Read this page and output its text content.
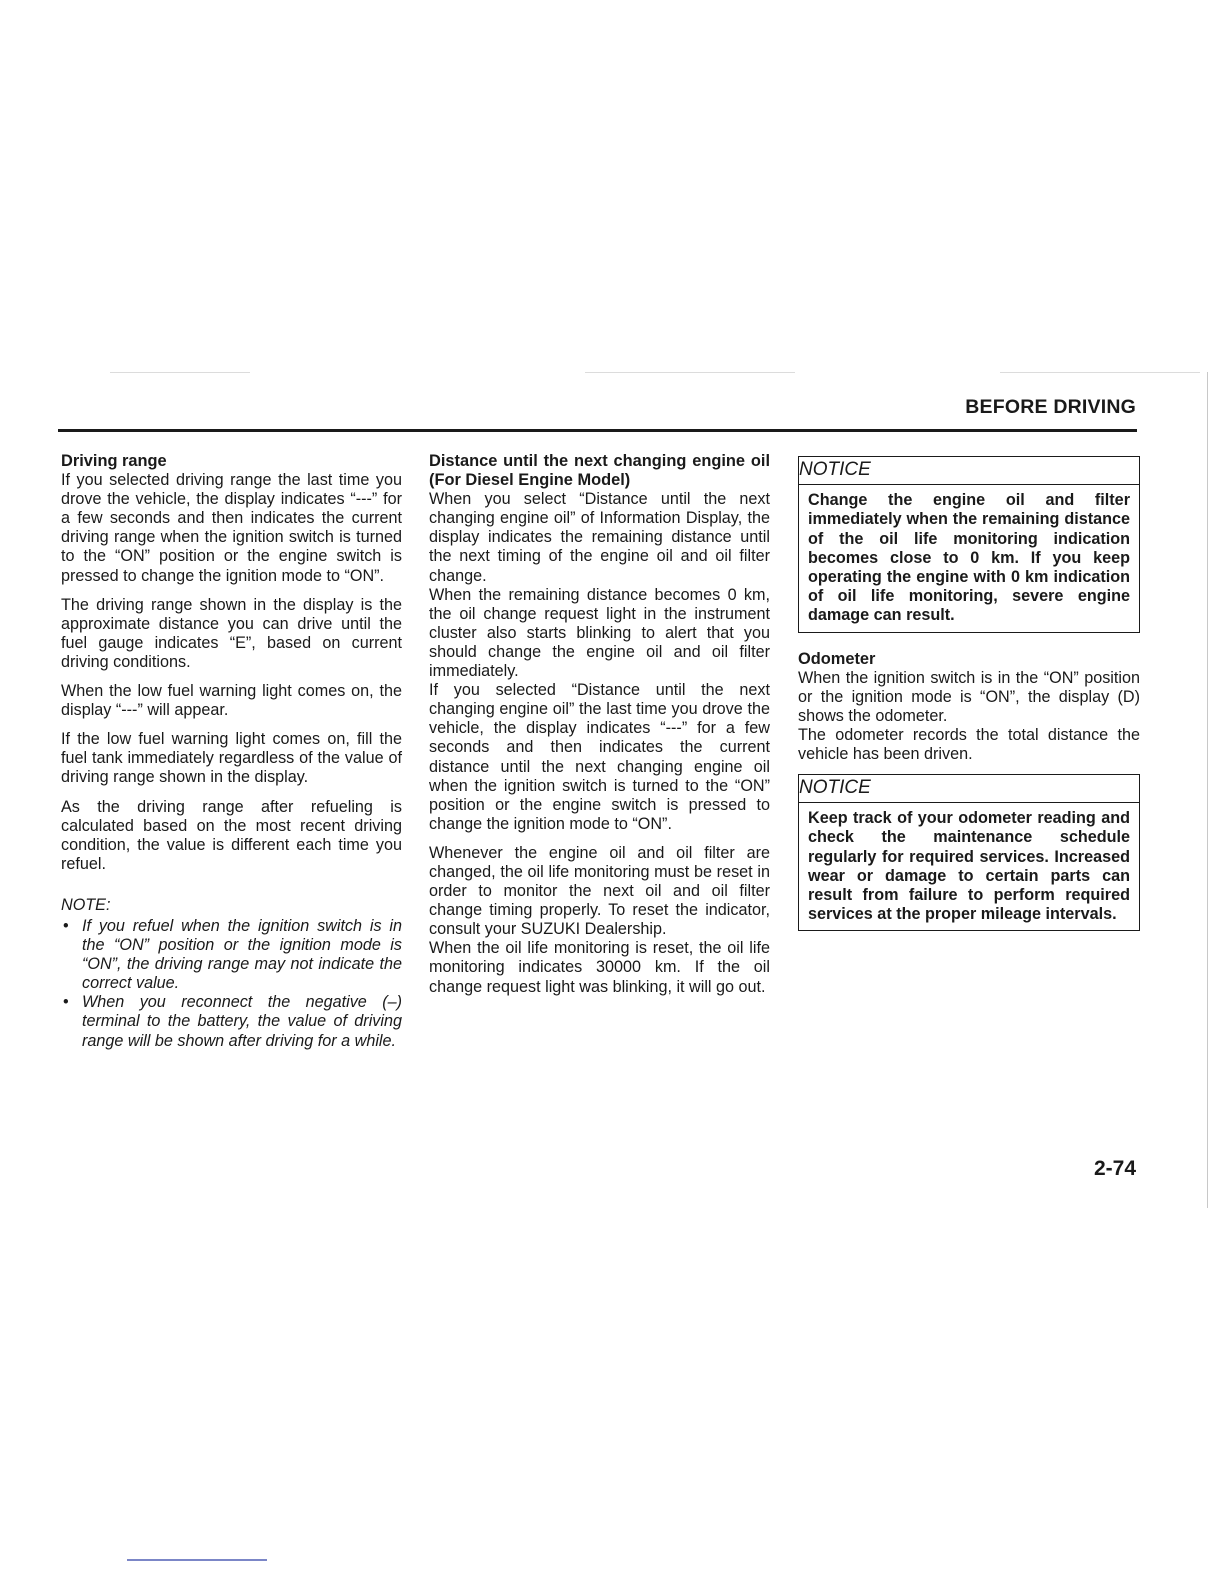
BEFORE DRIVING

Driving range

If you selected driving range the last time you drove the vehicle, the display indicates “---” for a few seconds and then indicates the current driving range when the ignition switch is turned to the “ON” position or the engine switch is pressed to change the ignition mode to “ON”.

The driving range shown in the display is the approximate distance you can drive until the fuel gauge indicates “E”, based on current driving conditions.

When the low fuel warning light comes on, the display “---” will appear.

If the low fuel warning light comes on, fill the fuel tank immediately regardless of the value of driving range shown in the display.

As the driving range after refueling is calculated based on the most recent driving condition, the value is different each time you refuel.

NOTE:

• If you refuel when the ignition switch is in the “ON” position or the ignition mode is “ON”, the driving range may not indicate the correct value.
• When you reconnect the negative (–) terminal to the battery, the value of driving range will be shown after driving for a while.

Distance until the next changing engine oil (For Diesel Engine Model)

When you select “Distance until the next changing engine oil” of Information Display, the display indicates the remaining distance until the next timing of the engine oil and oil filter change.

When the remaining distance becomes 0 km, the oil change request light in the instrument cluster also starts blinking to alert that you should change the engine oil and oil filter immediately.

If you selected “Distance until the next changing engine oil” the last time you drove the vehicle, the display indicates “---” for a few seconds and then indicates the current distance until the next changing engine oil when the ignition switch is turned to the “ON” position or the engine switch is pressed to change the ignition mode to “ON”.

Whenever the engine oil and oil filter are changed, the oil life monitoring must be reset in order to monitor the next oil and oil filter change timing properly. To reset the indicator, consult your SUZUKI Dealership.

When the oil life monitoring is reset, the oil life monitoring indicates 30000 km. If the oil change request light was blinking, it will go out.

NOTICE

Change the engine oil and filter immediately when the remaining distance of the oil life monitoring indication becomes close to 0 km. If you keep operating the engine with 0 km indication of oil life monitoring, severe engine damage can result.

Odometer

When the ignition switch is in the “ON” position or the ignition mode is “ON”, the display (D) shows the odometer.

The odometer records the total distance the vehicle has been driven.

NOTICE

Keep track of your odometer reading and check the maintenance schedule regularly for required services. Increased wear or damage to certain parts can result from failure to perform required services at the proper mileage intervals.

2-74
